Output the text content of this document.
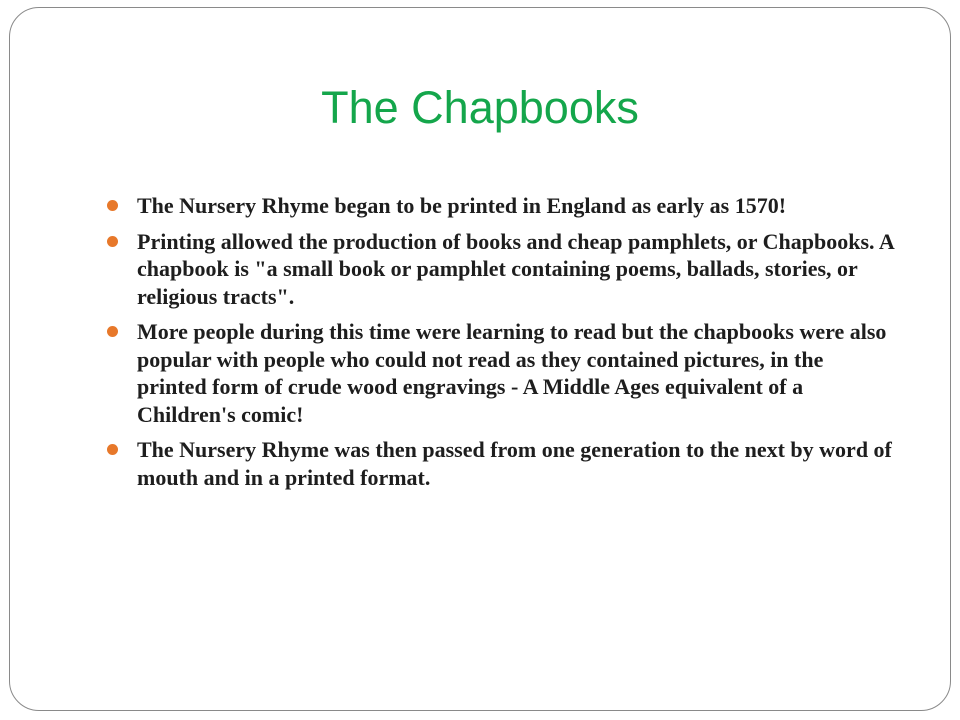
The Chapbooks
The Nursery Rhyme began to be printed in England as early as 1570!
Printing allowed the production of books and cheap pamphlets, or Chapbooks. A chapbook is "a small book or pamphlet containing poems, ballads, stories, or religious tracts".
More people during this time were learning to read but the chapbooks were also popular with people who could not read as they contained pictures, in the printed form of crude wood engravings - A Middle Ages equivalent of a Children's comic!
The Nursery Rhyme was then passed from one generation to the next by word of mouth and in a printed format.
